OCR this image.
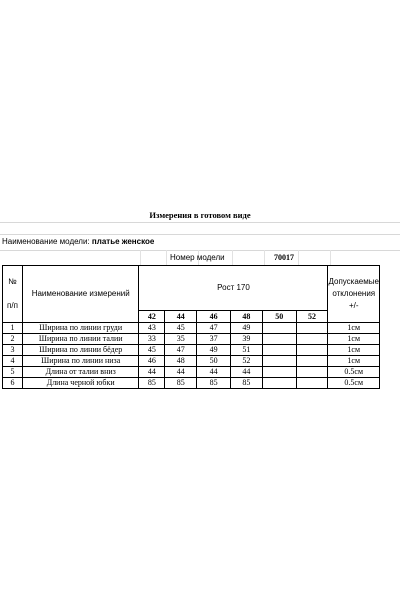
Измерения в готовом виде
Наименование модели: платье женское
Номер модели	70017
№

п/п	Наименование измерений	Рост 170						Допускаемые отклонения +/-
		42	44	46	48	50	52	
1	Ширина по линии груди	43	45	47	49			1см
2	Ширина по линии талии	33	35	37	39			1см
3	Ширина по линии бёдер	45	47	49	51			1см
4	Ширина по линии низа	46	48	50	52			1см
5	Длина от талии вниз	44	44	44	44			0.5см
6	Длина черной юбки	85	85	85	85			0.5см
